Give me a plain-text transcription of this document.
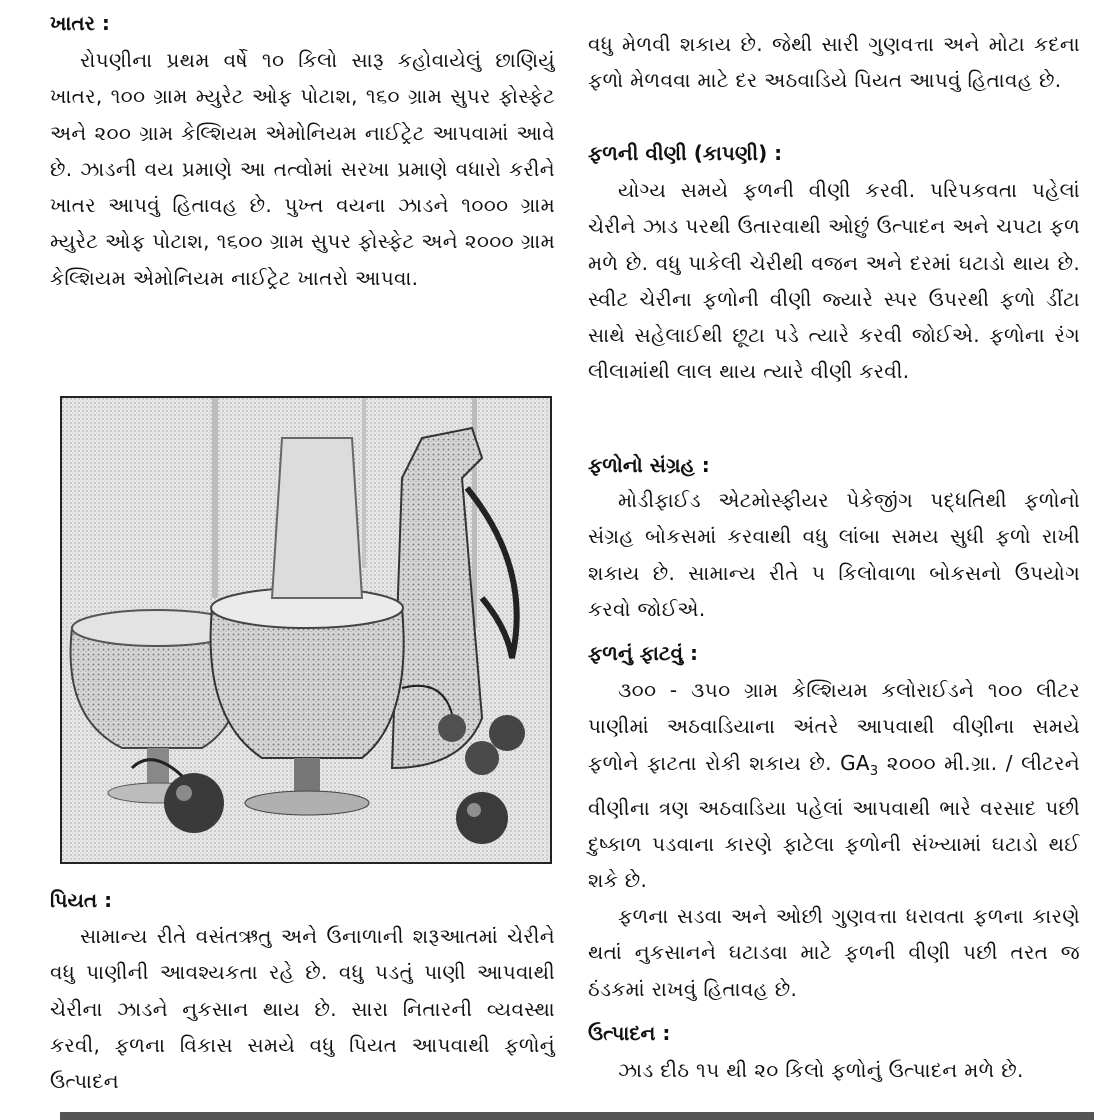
ખાતર :

રોપણીના પ્રથમ વર્ષે ૧૦ કિલો સારૂ કહોવાયેલું છાણિયું ખાતર, ૧૦૦ ગ્રામ મ્યુરેટ ઓફ પોટાશ, ૧૬૦ ગ્રામ સુપર ફોસ્ફેટ અને ૨૦૦ ગ્રામ કેલ્શિયમ એમોનિયમ નાઈટ્રેટ આપવામાં આવે છે. ઝાડની વય પ્રમાણે આ તત્વોમાં સરખા પ્રમાણે વધારો કરીને ખાતર આપવું હિતાવહ છે. પુખ્ત વયના ઝાડને ૧૦૦૦ ગ્રામ મ્યુરેટ ઓફ પોટાશ, ૧૬૦૦ ગ્રામ સુપર ફોસ્ફેટ અને ૨૦૦૦ ગ્રામ કેલ્શિયમ એમોનિયમ નાઈટ્રેટ ખાતરો આપવા.

પિયત :

સામાન્ય રીતે વસંતઋતુ અને ઉનાળાની શરૂઆતમાં ચેરીને વધુ પાણીની આવશ્યકતા રહે છે. વધુ પડતું પાણી આપવાથી ચેરીના ઝાડને નુકસાન થાય છે. સારા નિતારની વ્યવસ્થા કરવી, ફળના વિકાસ સમયે વધુ પિયત આપવાથી ફળોનું ઉત્પાદન

વધુ મેળવી શકાય છે. જેથી સારી ગુણવત્તા અને મોટા કદના ફળો મેળવવા માટે દર અઠવાડિયે પિયત આપવું હિતાવહ છે.

ફળની વીણી (કાપણી) :

યોગ્ય સમયે ફળની વીણી કરવી. પરિપકવતા પહેલાં ચેરીને ઝાડ પરથી ઉતારવાથી ઓછું ઉત્પાદન અને ચપટા ફળ મળે છે. વધુ પાકેલી ચેરીથી વજન અને દરમાં ઘટાડો થાય છે. સ્વીટ ચેરીના ફળોની વીણી જ્યારે સ્પર ઉપરથી ફળો ડીંટા સાથે સહેલાઈથી છૂટા પડે ત્યારે કરવી જોઈએ. ફળોના રંગ લીલામાંથી લાલ થાય ત્યારે વીણી કરવી.

ફળોનો સંગ્રહ :

મોડીફાઈડ એટમોસ્ફીયર પેકેજીંગ પદ્ધતિથી ફળોનો સંગ્રહ બોકસમાં કરવાથી વધુ લાંબા સમય સુધી ફળો રાખી શકાય છે. સામાન્ય રીતે ૫ કિલોવાળા બોકસનો ઉપયોગ કરવો જોઈએ.

ફળનું ફાટવું :

૩૦૦ - ૩૫૦ ગ્રામ કેલ્શિયમ કલોરાઈડને ૧૦૦ લીટર પાણીમાં અઠવાડિયાના અંતરે આપવાથી વીણીના સમયે ફળોને ફાટતા રોકી શકાય છે. $GA_3$ ૨૦૦૦ મી.ગ્રા. / લીટરને વીણીના ત્રણ અઠવાડિયા પહેલાં આપવાથી ભારે વરસાદ પછી દુષ્કાળ પડવાના કારણે ફાટેલા ફળોની સંખ્યામાં ઘટાડો થઈ શકે છે.

ફળના સડવા અને ઓછી ગુણવત્તા ધરાવતા ફળના કારણે થતાં નુકસાનને ઘટાડવા માટે ફળની વીણી પછી તરત જ ઠંડકમાં રાખવું હિતાવહ છે.

ઉત્પાદન :

ઝાડ દીઠ ૧૫ થી ૨૦ કિલો ફળોનું ઉત્પાદન મળે છે.
